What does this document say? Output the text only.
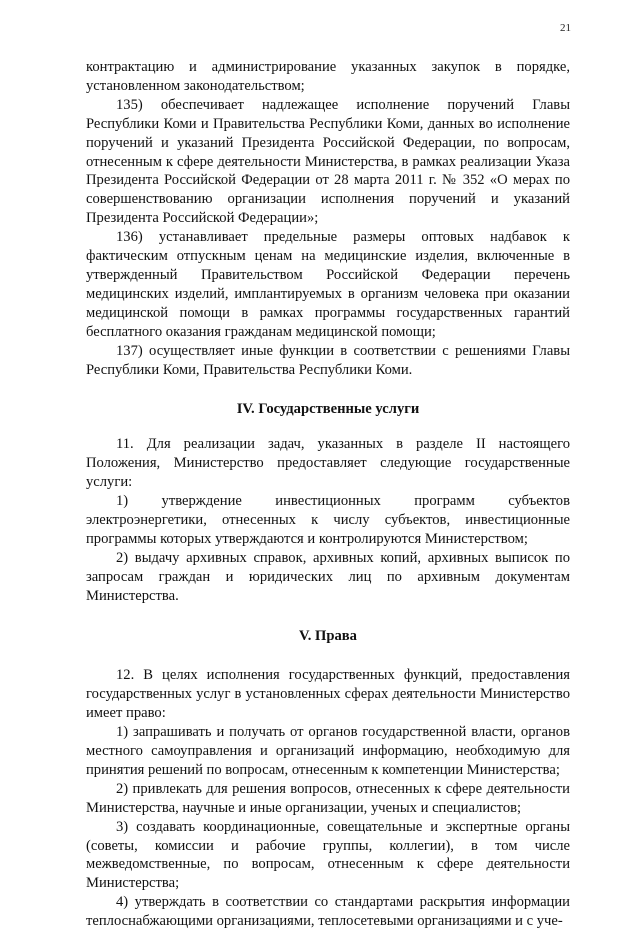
21

контрактацию и администрирование указанных закупок в порядке, установленном законодательством;

135) обеспечивает надлежащее исполнение поручений Главы Республики Коми и Правительства Республики Коми, данных во исполнение поручений и указаний Президента Российской Федерации, по вопросам, отнесенным к сфере деятельности Министерства, в рамках реализации Указа Президента Российской Федерации от 28 марта 2011 г. № 352 «О мерах по совершенствованию организации исполнения поручений и указаний Президента Российской Федерации»;

136) устанавливает предельные размеры оптовых надбавок к фактическим отпускным ценам на медицинские изделия, включенные в утвержденный Правительством Российской Федерации перечень медицинских изделий, имплантируемых в организм человека при оказании медицинской помощи в рамках программы государственных гарантий бесплатного оказания гражданам медицинской помощи;

137) осуществляет иные функции в соответствии с решениями Главы Республики Коми, Правительства Республики Коми.

IV. Государственные услуги

11. Для реализации задач, указанных в разделе II настоящего Положения, Министерство предоставляет следующие государственные услуги:

1) утверждение инвестиционных программ субъектов электроэнергетики, отнесенных к числу субъектов, инвестиционные программы которых утверждаются и контролируются Министерством;

2) выдачу архивных справок, архивных копий, архивных выписок по запросам граждан и юридических лиц по архивным документам Министерства.

V. Права

12. В целях исполнения государственных функций, предоставления государственных услуг в установленных сферах деятельности Министерство имеет право:

1) запрашивать и получать от органов государственной власти, органов местного самоуправления и организаций информацию, необходимую для принятия решений по вопросам, отнесенным к компетенции Министерства;

2) привлекать для решения вопросов, отнесенных к сфере деятельности Министерства, научные и иные организации, ученых и специалистов;

3) создавать координационные, совещательные и экспертные органы (советы, комиссии и рабочие группы, коллегии), в том числе межведомственные, по вопросам, отнесенным к сфере деятельности Министерства;

4) утверждать в соответствии со стандартами раскрытия информации теплоснабжающими организациями, теплосетевыми организациями и с уче-
